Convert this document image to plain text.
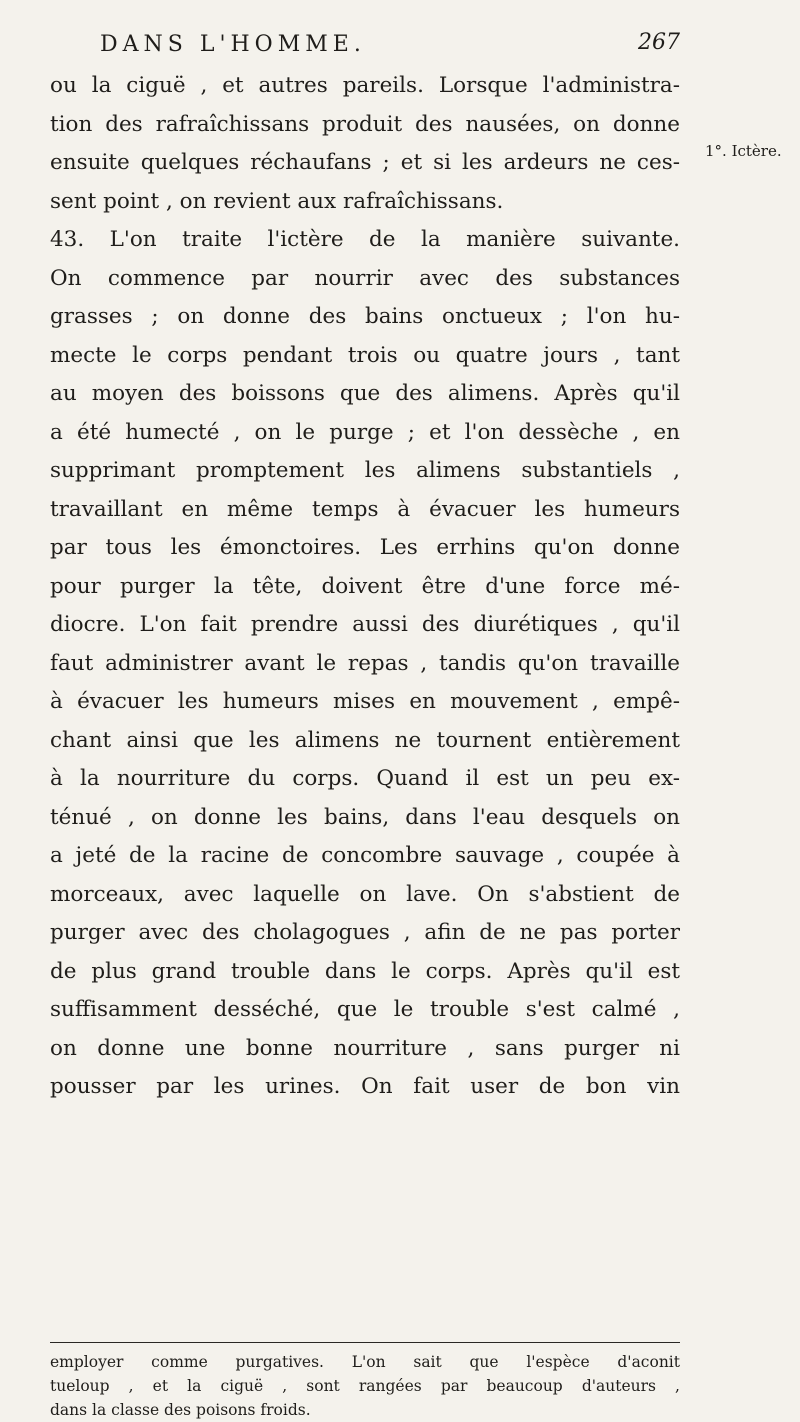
DANS L'HOMME.	267
1°. Ictère.
ou la ciguë , et autres pareils. Lorsque l'administra-
tion des rafraîchissans produit des nausées, on donne
ensuite quelques réchaufans ; et si les ardeurs ne ces-
sent point , on revient aux rafraîchissans.
43. L'on traite l'ictère de la manière suivante.
On commence par nourrir avec des substances
grasses ; on donne des bains onctueux ; l'on hu-
mecte le corps pendant trois ou quatre jours , tant
au moyen des boissons que des alimens. Après qu'il
a été humecté , on le purge ; et l'on dessèche , en
supprimant promptement les alimens substantiels ,
travaillant en même temps à évacuer les humeurs
par tous les émonctoires. Les errhins qu'on donne
pour purger la tête, doivent être d'une force mé-
diocre. L'on fait prendre aussi des diurétiques , qu'il
faut administrer avant le repas , tandis qu'on travaille
à évacuer les humeurs mises en mouvement , empê-
chant ainsi que les alimens ne tournent entièrement
à la nourriture du corps. Quand il est un peu ex-
ténué , on donne les bains, dans l'eau desquels on
a jeté de la racine de concombre sauvage , coupée à
morceaux, avec laquelle on lave. On s'abstient de
purger avec des cholagogues , afin de ne pas porter
de plus grand trouble dans le corps. Après qu'il est
suffisamment desséché, que le trouble s'est calmé ,
on donne une bonne nourriture , sans purger ni
pousser par les urines. On fait user de bon vin
employer comme purgatives. L'on sait que l'espèce d'aconit
tueloup , et la ciguë , sont rangées par beaucoup d'auteurs ,
dans la classe des poisons froids.
